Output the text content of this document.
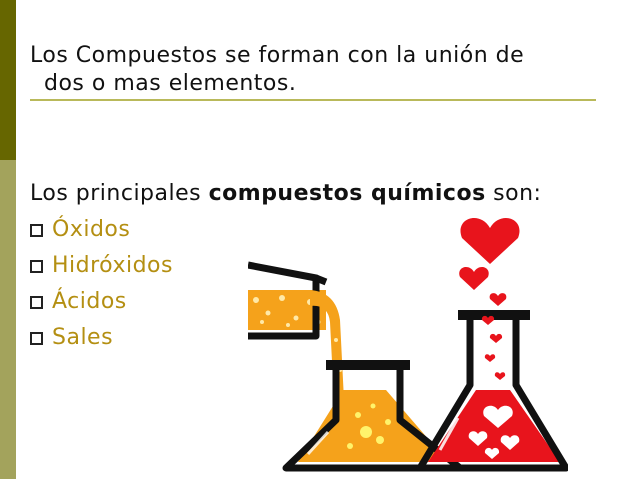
Los Compuestos se forman con la unión de
dos o mas elementos.
Los principales compuestos químicos son:
Óxidos
Hidróxidos
Ácidos
Sales
